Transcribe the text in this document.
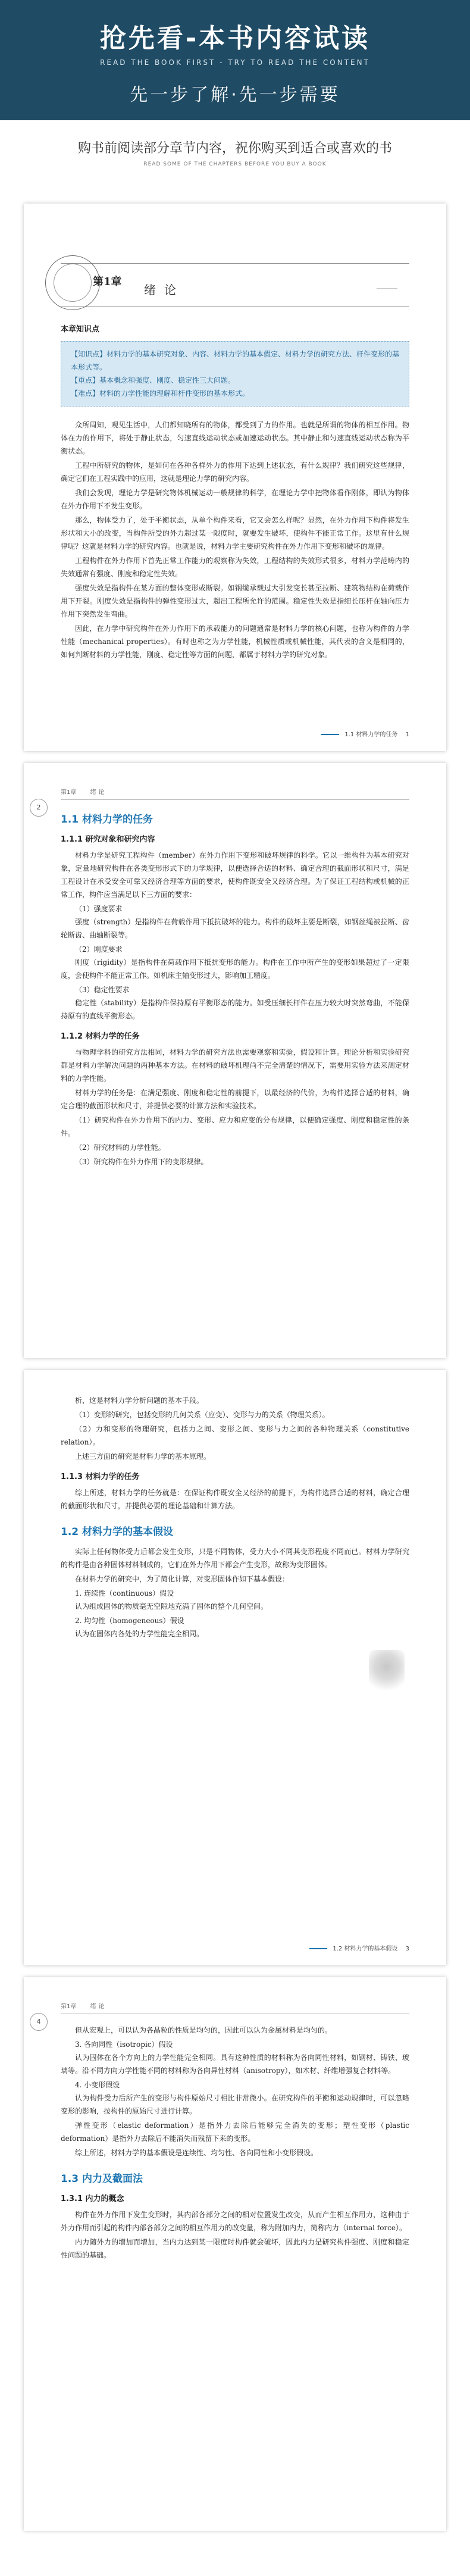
抢先看-本书内容试读
READ THE BOOK FIRST - TRY TO READ THE CONTENT
先一步了解·先一步需要
购书前阅读部分章节内容，祝你购买到适合或喜欢的书
READ SOME OF THE CHAPTERS BEFORE YOU BUY A BOOK
第1章
绪论	_______
本章知识点
【知识点】材料力学的基本研究对象、内容、材料力学的基本假定、材料力学的研究方法、杆件变形的基本形式等。
【重点】基本概念和强度、刚度、稳定性三大问题。
【难点】材料的力学性能的理解和杆件变形的基本形式。

众所周知，观见生活中，人们都知晓所有的物体，都受到了力的作用。也就是所谓的物体的相互作用。物体在力的作用下，将处于静止状态，匀速直线运动状态或加速运动状态。其中静止和匀速直线运动状态称为平衡状态。

工程中所研究的物体，是如何在各种各样外力的作用下达到上述状态，有什么规律？我们研究这些规律，确定它们在工程实践中的应用，这就是理论力学的研究内容。

我们会发现，理论力学是研究物体机械运动一般规律的科学，在理论力学中把物体看作刚体，即认为物体在外力作用下不发生变形。

那么，物体受力了，处于平衡状态，从单个构件来看，它又会怎么样呢？显然，在外力作用下构件将发生形状和大小的改变，当构件所受的外力超过某一限度时，就要发生破坏，使构件不能正常工作。这里有什么规律呢？这就是材料力学的研究内容。也就是说，材料力学主要研究构件在外力作用下变形和破坏的规律。

工程构件在外力作用下首先正常工作能力的观察称为失效，工程结构的失效形式很多，材料力学范畴内的失效通常有强度、刚度和稳定性失效。

强度失效是指构件在某方面的整体变形或断裂。如钢缆承载过大引发变长甚至拉断、建筑物结构在荷载作用下开裂。刚度失效是指构件的弹性变形过大，超出工程所允许的范围。稳定性失效是指细长压杆在轴向压力作用下突然发生弯曲。

因此，在力学中研究构件在外力作用下的承载能力的问题通常是材料力学的核心问题，也称为构件的力学性能（mechanical properties）。有时也称之为力学性能，机械性质或机械性能，其代表的含义是相同的，如何判断材料的力学性能，刚度、稳定性等方面的问题，都属于材料力学的研究对象。

1.1 材料力学的任务 1
2
第1章 绪论
1.1 材料力学的任务
1.1.1 研究对象和研究内容

材料力学是研究工程构件（member）在外力作用下变形和破坏规律的科学。它以一维构件为基本研究对象，定量地研究构件在各类变形形式下的力学规律，以便选择合适的材料、确定合理的截面形状和尺寸，满足工程设计在承受安全可靠又经济合理等方面的要求，使构件既安全又经济合理。为了保证工程结构或机械的正常工作，构件应当满足以下三方面的要求：

（1）强度要求

强度（strength）是指构件在荷载作用下抵抗破坏的能力。构件的破坏主要是断裂，如钢丝绳被拉断、齿轮断齿、曲轴断裂等。

（2）刚度要求

刚度（rigidity）是指构件在荷载作用下抵抗变形的能力。构件在工作中所产生的变形如果超过了一定限度，会使构件不能正常工作。如机床主轴变形过大，影响加工精度。

（3）稳定性要求

稳定性（stability）是指构件保持原有平衡形态的能力。如受压细长杆件在压力较大时突然弯曲，不能保持原有的直线平衡形态。

1.1.2 材料力学的任务

与物理学科的研究方法相同，材料力学的研究方法也需要观察和实验，假设和计算。理论分析和实验研究都是材料力学解决问题的两种基本方法。在材料的破坏机理尚不完全清楚的情况下，需要用实验方法来测定材料的力学性能。

材料力学的任务是：在满足强度、刚度和稳定性的前提下，以最经济的代价，为构件选择合适的材料，确定合理的截面形状和尺寸，并提供必要的计算方法和实验技术。

（1）研究构件在外力作用下的内力、变形、应力和应变的分布规律，以便确定强度、刚度和稳定性的条件。

（2）研究材料的力学性能。

（3）研究构件在外力作用下的变形规律。

析，这是材料力学分析问题的基本手段。

（1）变形的研究，包括变形的几何关系（应变）、变形与力的关系（物理关系）。

（2）力和变形的物理研究，包括力之间、变形之间、变形与力之间的各种物理关系（constitutive relation）。

上述三方面的研究是材料力学的基本原理。

1.1.3 材料力学的任务

综上所述，材料力学的任务就是：在保证构件既安全又经济的前提下，为构件选择合适的材料，确定合理的截面形状和尺寸，并提供必要的理论基础和计算方法。

1.2 材料力学的基本假设

实际上任何物体受力后都会发生变形，只是不同物体，受力大小不同其变形程度不同而已。材料力学研究的构件是由各种固体材料制成的，它们在外力作用下都会产生变形，故称为变形固体。

在材料力学的研究中，为了简化计算，对变形固体作如下基本假设：

1. 连续性（continuous）假设

认为组成固体的物质毫无空隙地充满了固体的整个几何空间。

2. 均匀性（homogeneous）假设

认为在固体内各处的力学性能完全相同。

1.2 材料力学的基本假设 3
4
第1章 绪论

但从宏观上，可以认为各晶粒的性质是均匀的，因此可以认为金属材料是均匀的。

3. 各向同性（isotropic）假设

认为固体在各个方向上的力学性能完全相同。具有这种性质的材料称为各向同性材料，如钢材、铸铁、玻璃等。沿不同方向力学性能不同的材料称为各向异性材料（anisotropy），如木材、纤维增强复合材料等。

4. 小变形假设

认为构件受力后所产生的变形与构件原始尺寸相比非常微小。在研究构件的平衡和运动规律时，可以忽略变形的影响，按构件的原始尺寸进行计算。

弹性变形（elastic deformation）是指外力去除后能够完全消失的变形；塑性变形（plastic deformation）是指外力去除后不能消失而残留下来的变形。

综上所述，材料力学的基本假设是连续性、均匀性、各向同性和小变形假设。

1.3 内力及截面法
1.3.1 内力的概念

构件在外力作用下发生变形时，其内部各部分之间的相对位置发生改变，从而产生相互作用力，这种由于外力作用而引起的构件内部各部分之间的相互作用力的改变量，称为附加内力，简称内力（internal force）。

内力随外力的增加而增加，当内力达到某一限度时构件就会破坏，因此内力是研究构件强度、刚度和稳定性问题的基础。
